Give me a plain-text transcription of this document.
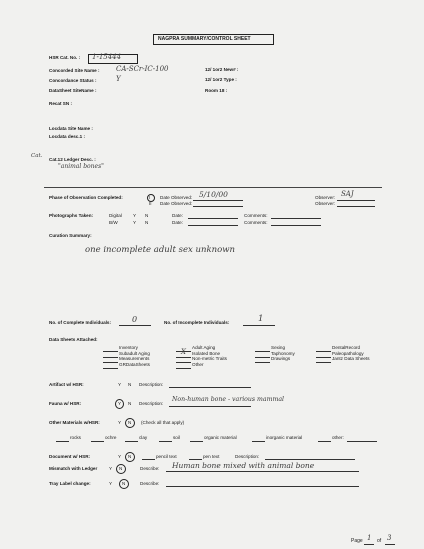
NAGPRA SUMMARY/CONTROL SHEET
HSR Cat. No. : 1-15444
Concorded Site Name : CA-SCr-IC-100
Concordance Status :	Y
DataSheet SiteName :
Recat SN :
12/ 1or2 New# :
12/ 1or2 Type :
Room 18 :
Locdata Site Name :
Locdata desc.1 :
Cat.
Cat.12 Ledger Desc. :
"animal bones"
Phase of Observation Completed:	I Date Observed: 5/10/00
II Date Observed:
Observer: SAJ
Observer:
Photographs Taken:	Digital Y N	Date:	Comments:
B/W	Y N	Date:	Comments:
Curation Summary:
one incomplete adult sex unknown
No. of Complete Individuals:	0	No. of Incomplete Individuals:	1
Data Sheets Attached:
Inventory
Subadult Aging
Measurements
GRDataSheets
Adult Aging
X Isolated Bone
Non-metric Traits
Other
Sexing
Taphonomy
Drawings
DentalRecord
Paleopathology
Jantz Data Sheets
Artifact w/ HSR:	Y N Description:
Fauna w/ HSR:	Y N Description:
Non-human bone - various mammal
Other Materials w/HSR:	Y N (Check all that apply)
rocks	ochre	clay	soil	organic material	inorganic material	other:
Document w/ HSR:	Y N	pencil text	pen text	Description:
Mismatch with Ledger	Y N	Describe: Human bone mixed with animal bone
Tray Label change:	Y N	Describe:
Page 1 of 3
